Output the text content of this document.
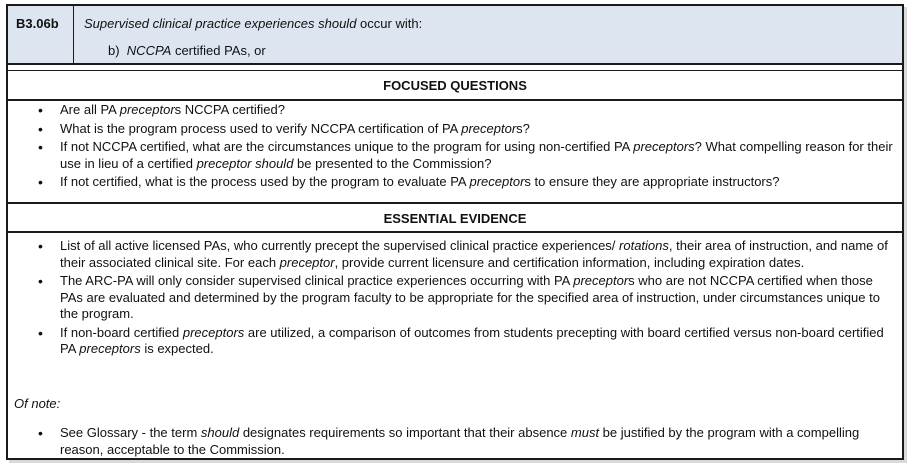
B3.06b	Supervised clinical practice experiences should occur with:
b)  NCCPA certified PAs, or
FOCUSED QUESTIONS
• Are all PA preceptors NCCPA certified?
• What is the program process used to verify NCCPA certification of PA preceptors?
• If not NCCPA certified, what are the circumstances unique to the program for using non-certified PA preceptors? What compelling reason for their use in lieu of a certified preceptor should be presented to the Commission?
• If not certified, what is the process used by the program to evaluate PA preceptors to ensure they are appropriate instructors?
ESSENTIAL EVIDENCE
• List of all active licensed PAs, who currently precept the supervised clinical practice experiences/ rotations, their area of instruction, and name of their associated clinical site. For each preceptor, provide current licensure and certification information, including expiration dates.
• The ARC-PA will only consider supervised clinical practice experiences occurring with PA preceptors who are not NCCPA certified when those PAs are evaluated and determined by the program faculty to be appropriate for the specified area of instruction, under circumstances unique to the program.
• If non-board certified preceptors are utilized, a comparison of outcomes from students precepting with board certified versus non-board certified PA preceptors is expected.
Of note:
• See Glossary - the term should designates requirements so important that their absence must be justified by the program with a compelling reason, acceptable to the Commission.
